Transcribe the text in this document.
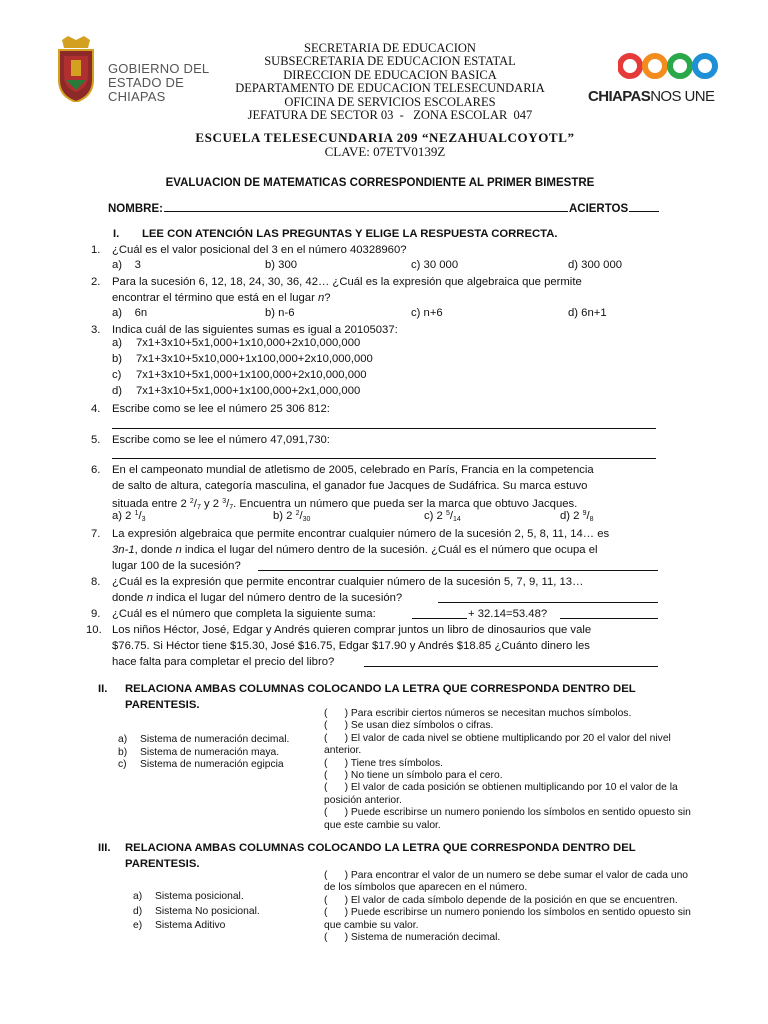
GOBIERNO DEL
ESTADO DE CHIAPAS	CHIAPASNOS UNE
SECRETARIA DE EDUCACION
SUBSECRETARIA DE EDUCACION ESTATAL
DIRECCION DE EDUCACION BASICA
DEPARTAMENTO DE EDUCACION TELESECUNDARIA
OFICINA DE SERVICIOS ESCOLARES
JEFATURA DE SECTOR 03  -   ZONA ESCOLAR  047
ESCUELA TELESECUNDARIA 209 “NEZAHUALCOYOTL”
CLAVE: 07ETV0139Z
EVALUACION DE MATEMATICAS CORRESPONDIENTE AL PRIMER BIMESTRE
NOMBRE:	ACIERTOS
I. LEE CON ATENCIÓN LAS PREGUNTAS Y ELIGE LA RESPUESTA CORRECTA.
1. ¿Cuál es el valor posicional del 3 en el número 40328960?
a)    3	b) 300	c) 30 000	d) 300 000
2. Para la sucesión 6, 12, 18, 24, 30, 36, 42… ¿Cuál es la expresión que algebraica que permite
encontrar el término que está en el lugar n?
a)    6n	b) n-6	c) n+6	d) 6n+1
3. Indica cuál de las siguientes sumas es igual a 20105037:
a) 7x1+3x10+5x1,000+1x10,000+2x10,000,000
b) 7x1+3x10+5x10,000+1x100,000+2x10,000,000
c) 7x1+3x10+5x1,000+1x100,000+2x10,000,000
d) 7x1+3x10+5x1,000+1x100,000+2x1,000,000
4. Escribe como se lee el número 25 306 812:
5. Escribe como se lee el número 47,091,730:
6. En el campeonato mundial de atletismo de 2005, celebrado en París, Francia en la competencia
de salto de altura, categoría masculina, el ganador fue Jacques de Sudáfrica. Su marca estuvo
situada entre 2 $^2/_7$ y 2 $^3/_7$. Encuentra un número que pueda ser la marca que obtuvo Jacques.
a) 2 $^1/_3$	b) 2 $^2/_{30}$	c) 2 $^5/_{14}$	d) 2 $^9/_8$
7. La expresión algebraica que permite encontrar cualquier número de la sucesión 2, 5, 8, 11, 14… es
3n-1, donde n indica el lugar del número dentro de la sucesión. ¿Cuál es el número que ocupa el
lugar 100 de la sucesión?
8. ¿Cuál es la expresión que permite encontrar cualquier número de la sucesión 5, 7, 9, 11, 13…
donde n indica el lugar del número dentro de la sucesión?
9. ¿Cuál es el número que completa la siguiente suma:	+ 32.14=53.48?
10. Los niños Héctor, José, Edgar y Andrés quieren comprar juntos un libro de dinosaurios que vale
$76.75. Si Héctor tiene $15.30, José $16.75, Edgar $17.90 y Andrés $18.85 ¿Cuánto dinero les
hace falta para completar el precio del libro?
II. RELACIONA AMBAS COLUMNAS COLOCANDO LA LETRA QUE CORRESPONDA DENTRO DEL
PARENTESIS.
a) Sistema de numeración decimal.
b) Sistema de numeración maya.
c) Sistema de numeración egipcia
(      ) Para escribir ciertos números se necesitan muchos símbolos.
(      ) Se usan diez símbolos o cifras.
(      ) El valor de cada nivel se obtiene multiplicando por 20 el valor del nivel anterior.
(      ) Tiene tres símbolos.
(      ) No tiene un símbolo para el cero.
(      ) El valor de cada posición se obtienen multiplicando por 10 el valor de la posición anterior.
(      ) Puede escribirse un numero poniendo los símbolos en sentido opuesto sin que este cambie su valor.
III. RELACIONA AMBAS COLUMNAS COLOCANDO LA LETRA QUE CORRESPONDA DENTRO DEL
PARENTESIS.
a) Sistema posicional.
d) Sistema No posicional.
e) Sistema Aditivo
(      ) Para encontrar el valor de un numero se debe sumar el valor de cada uno de los símbolos que aparecen en el número.
(      ) El valor de cada símbolo depende de la posición en que se encuentren.
(      ) Puede escribirse un numero poniendo los símbolos en sentido opuesto sin que cambie su valor.
(      ) Sistema de numeración decimal.
